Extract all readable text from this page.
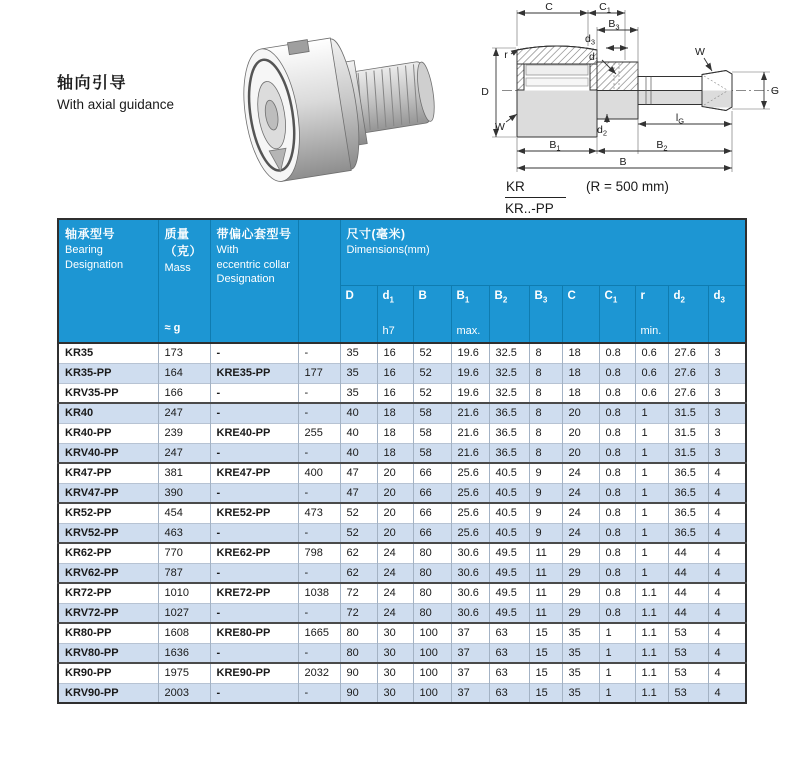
轴向引导
With axial guidance
C	$C_1$
$B_3$
$d_3$
$d_1$
W
r
D	G
W	$d_2$
$l_G$
$B_1$	$B_2$
B
KR	(R = 500 mm)
KR..-PP
轴承型号
Bearing
Designation

质量
（克）
Mass
≈ g

带偏心套型号
With
eccentric collar
Designation

尺寸(毫米)
Dimensions(mm)

D	$d_1$
h7

B	$B_1$
max.

$B_2$	$B_3$	C	$C_1$	r
min.

$d_2$	$d_3$

KR35	173	-	-	35	16	52	19.6	32.5	8	18	0.8	0.6	27.6	3
KR35-PP	164	KRE35-PP	177	35	16	52	19.6	32.5	8	18	0.8	0.6	27.6	3
KRV35-PP	166	-	-	35	16	52	19.6	32.5	8	18	0.8	0.6	27.6	3
KR40	247	-	-	40	18	58	21.6	36.5	8	20	0.8	1	31.5	3
KR40-PP	239	KRE40-PP	255	40	18	58	21.6	36.5	8	20	0.8	1	31.5	3
KRV40-PP	247	-	-	40	18	58	21.6	36.5	8	20	0.8	1	31.5	3
KR47-PP	381	KRE47-PP	400	47	20	66	25.6	40.5	9	24	0.8	1	36.5	4
KRV47-PP	390	-	-	47	20	66	25.6	40.5	9	24	0.8	1	36.5	4
KR52-PP	454	KRE52-PP	473	52	20	66	25.6	40.5	9	24	0.8	1	36.5	4
KRV52-PP	463	-	-	52	20	66	25.6	40.5	9	24	0.8	1	36.5	4
KR62-PP	770	KRE62-PP	798	62	24	80	30.6	49.5	11	29	0.8	1	44	4
KRV62-PP	787	-	-	62	24	80	30.6	49.5	11	29	0.8	1	44	4
KR72-PP	1010	KRE72-PP	1038	72	24	80	30.6	49.5	11	29	0.8	1.1	44	4
KRV72-PP	1027	-	-	72	24	80	30.6	49.5	11	29	0.8	1.1	44	4
KR80-PP	1608	KRE80-PP	1665	80	30	100	37	63	15	35	1	1.1	53	4
KRV80-PP	1636	-	-	80	30	100	37	63	15	35	1	1.1	53	4
KR90-PP	1975	KRE90-PP	2032	90	30	100	37	63	15	35	1	1.1	53	4
KRV90-PP	2003	-	-	90	30	100	37	63	15	35	1	1.1	53	4
